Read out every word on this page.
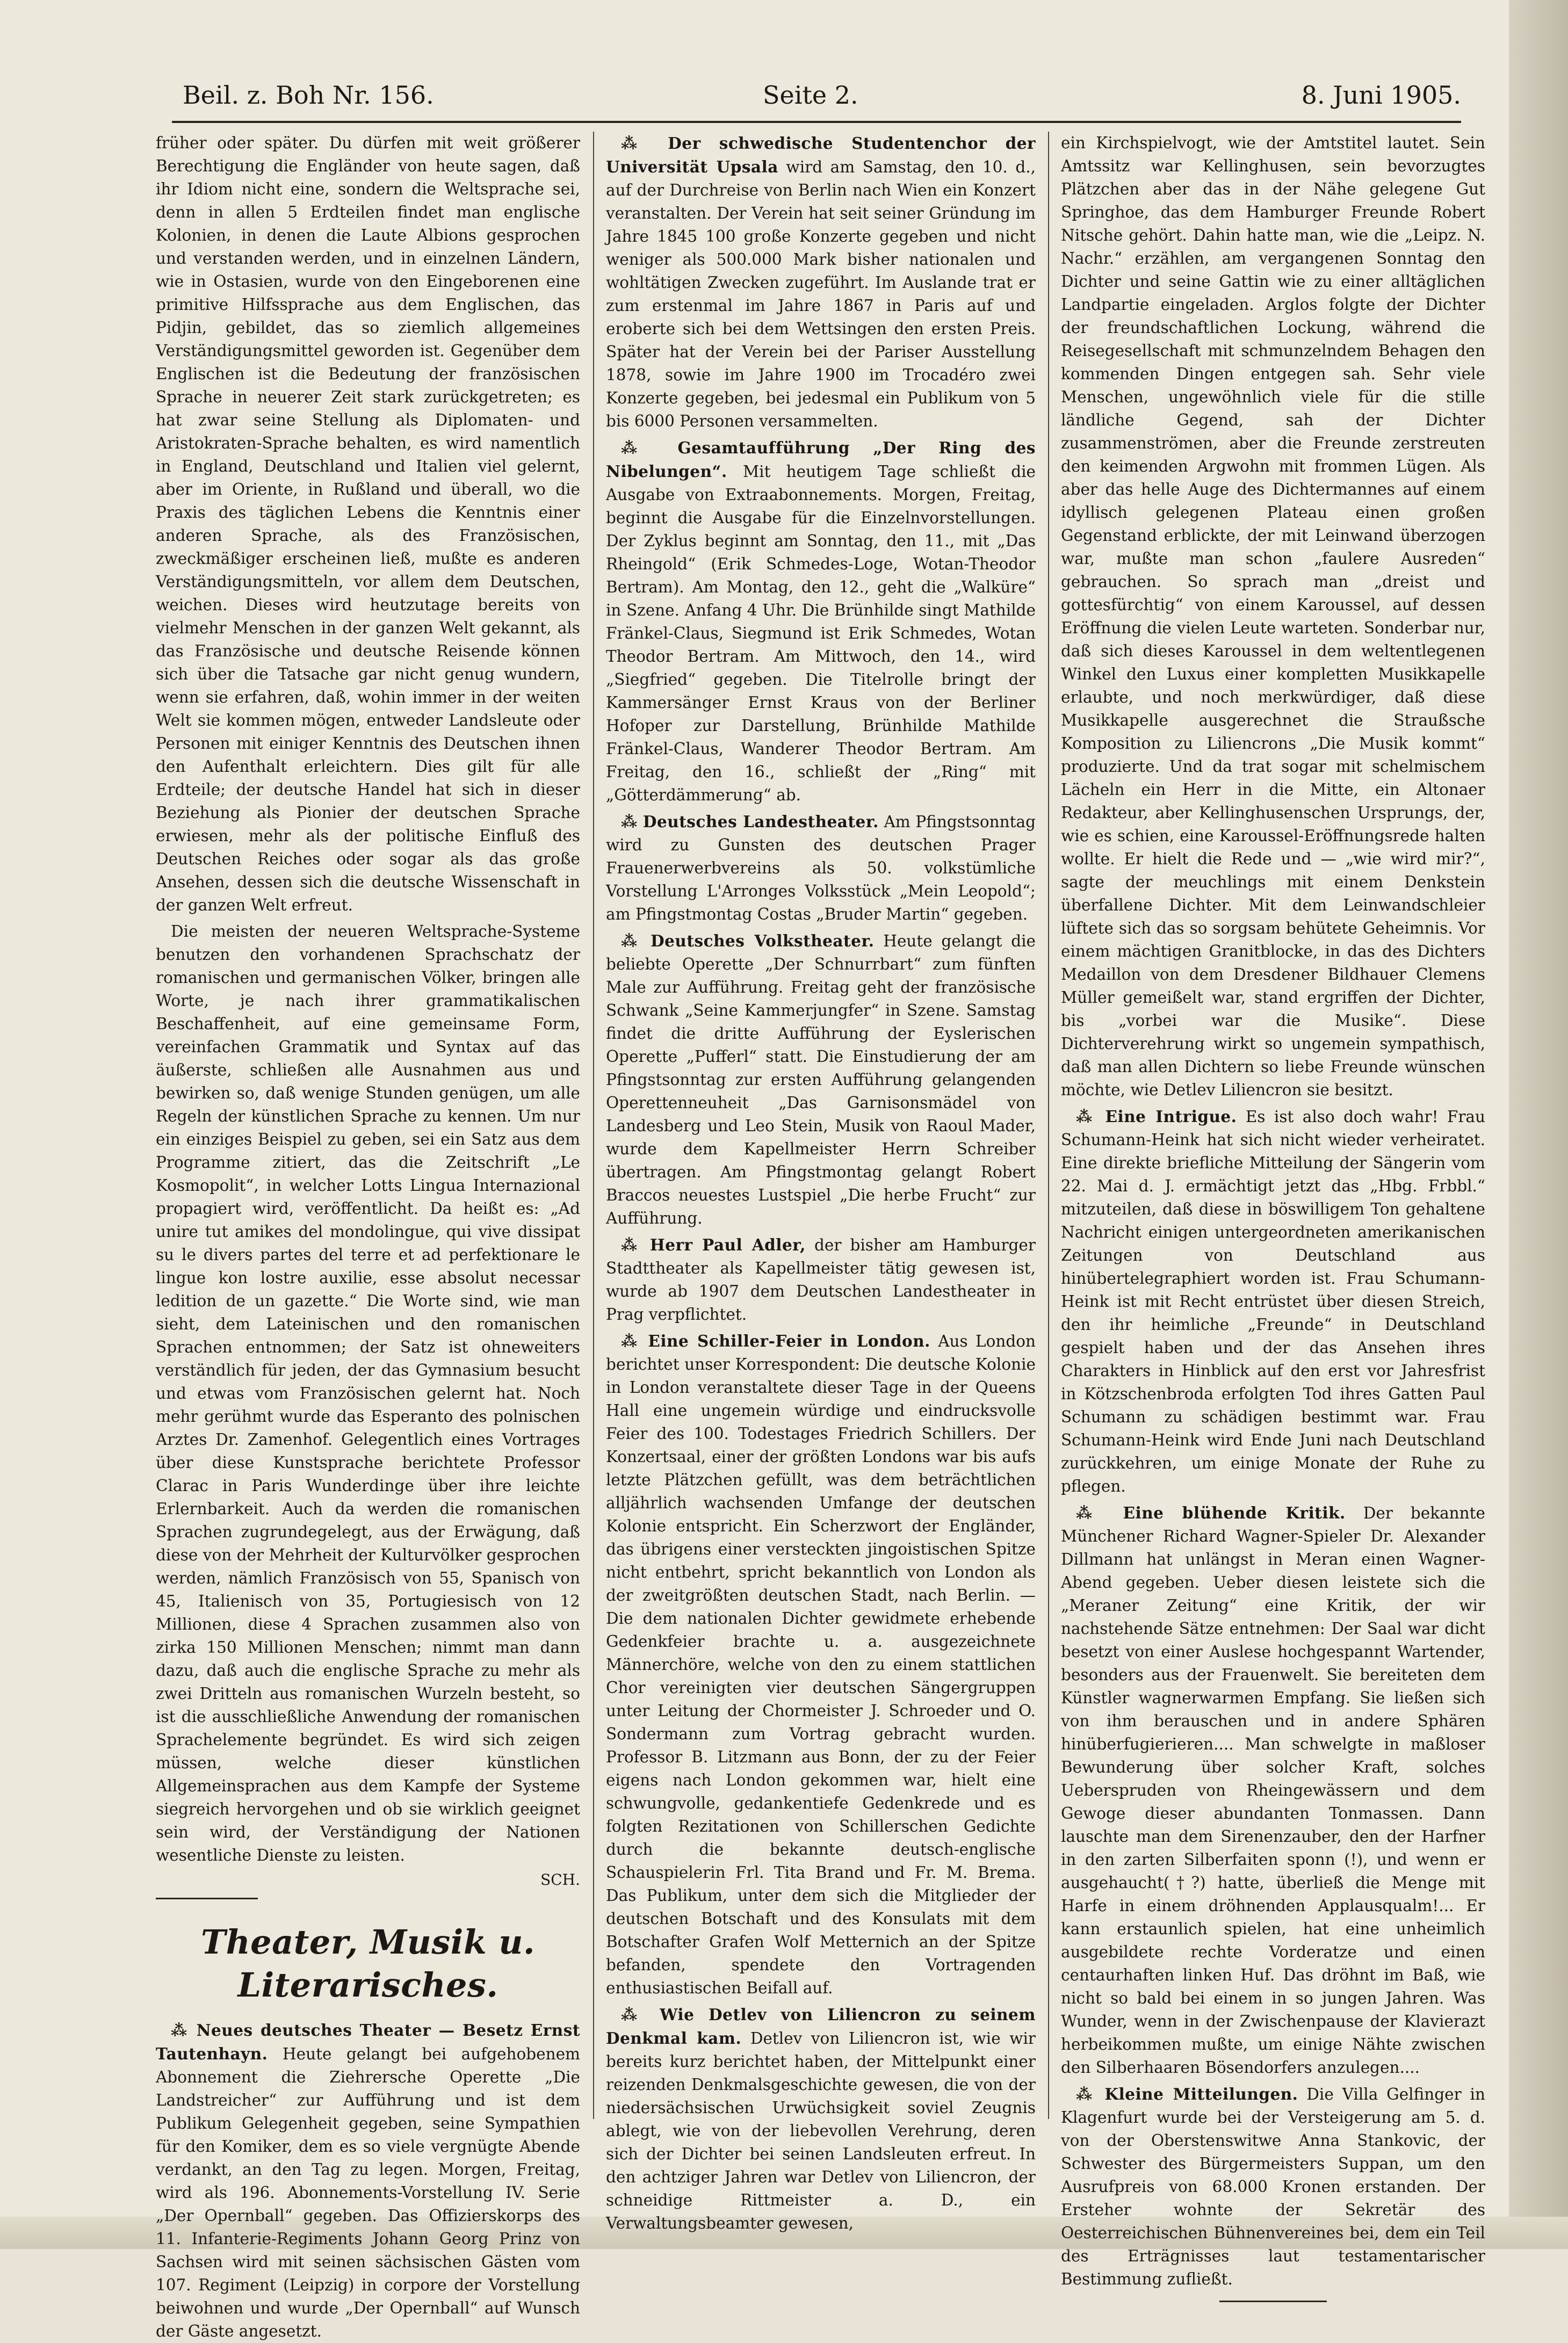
Beil. z. Boh Nr. 156.	Seite 2.	8. Juni 1905.

früher oder später. Du dürfen mit weit größerer Berechtigung die Engländer von heute sagen, daß ihr Idiom nicht eine, sondern die Weltsprache sei, denn in allen 5 Erdteilen findet man englische Kolonien, in denen die Laute Albions gesprochen und verstanden werden, und in einzelnen Ländern, wie in Ostasien, wurde von den Eingeborenen eine primitive Hilfssprache aus dem Englischen, das Pidjin, gebildet, das so ziemlich allgemeines Verständigungsmittel geworden ist. Gegenüber dem Englischen ist die Bedeutung der französischen Sprache in neuerer Zeit stark zurückgetreten; es hat zwar seine Stellung als Diplomaten- und Aristokraten-Sprache behalten, es wird namentlich in England, Deutschland und Italien viel gelernt, aber im Oriente, in Rußland und überall, wo die Praxis des täglichen Lebens die Kenntnis einer anderen Sprache, als des Französischen, zweckmäßiger erscheinen ließ, mußte es anderen Verständigungsmitteln, vor allem dem Deutschen, weichen. Dieses wird heutzutage bereits von vielmehr Menschen in der ganzen Welt gekannt, als das Französische und deutsche Reisende können sich über die Tatsache gar nicht genug wundern, wenn sie erfahren, daß, wohin immer in der weiten Welt sie kommen mögen, entweder Landsleute oder Personen mit einiger Kenntnis des Deutschen ihnen den Aufenthalt erleichtern. Dies gilt für alle Erdteile; der deutsche Handel hat sich in dieser Beziehung als Pionier der deutschen Sprache erwiesen, mehr als der politische Einfluß des Deutschen Reiches oder sogar als das große Ansehen, dessen sich die deutsche Wissenschaft in der ganzen Welt erfreut.

Die meisten der neueren Weltsprache-Systeme benutzen den vorhandenen Sprachschatz der romanischen und germanischen Völker, bringen alle Worte, je nach ihrer grammatikalischen Beschaffenheit, auf eine gemeinsame Form, vereinfachen Grammatik und Syntax auf das äußerste, schließen alle Ausnahmen aus und bewirken so, daß wenige Stunden genügen, um alle Regeln der künstlichen Sprache zu kennen. Um nur ein einziges Beispiel zu geben, sei ein Satz aus dem Programme zitiert, das die Zeitschrift „Le Kosmopolit“, in welcher Lotts Lingua Internazional propagiert wird, veröffentlicht. Da heißt es: „Ad unire tut amikes del mondolingue, qui vive dissipat su le divers partes del terre et ad perfektionare le lingue kon lostre auxilie, esse absolut necessar ledition de un gazette.“ Die Worte sind, wie man sieht, dem Lateinischen und den romanischen Sprachen entnommen; der Satz ist ohneweiters verständlich für jeden, der das Gymnasium besucht und etwas vom Französischen gelernt hat. Noch mehr gerühmt wurde das Esperanto des polnischen Arztes Dr. Zamenhof. Gelegentlich eines Vortrages über diese Kunstsprache berichtete Professor Clarac in Paris Wunderdinge über ihre leichte Erlernbarkeit. Auch da werden die romanischen Sprachen zugrundegelegt, aus der Erwägung, daß diese von der Mehrheit der Kulturvölker gesprochen werden, nämlich Französisch von 55, Spanisch von 45, Italienisch von 35, Portugiesisch von 12 Millionen, diese 4 Sprachen zusammen also von zirka 150 Millionen Menschen; nimmt man dann dazu, daß auch die englische Sprache zu mehr als zwei Dritteln aus romanischen Wurzeln besteht, so ist die ausschließliche Anwendung der romanischen Sprachelemente begründet. Es wird sich zeigen müssen, welche dieser künstlichen Allgemeinsprachen aus dem Kampfe der Systeme siegreich hervorgehen und ob sie wirklich geeignet sein wird, der Verständigung der Nationen wesentliche Dienste zu leisten.

SCH.
Theater, Musik u. Literarisches.

⁂ Neues deutsches Theater — Besetz Ernst Tautenhayn. Heute gelangt bei aufgehobenem Abonnement die Ziehrersche Operette „Die Landstreicher“ zur Aufführung und ist dem Publikum Gelegenheit gegeben, seine Sympathien für den Komiker, dem es so viele vergnügte Abende verdankt, an den Tag zu legen. Morgen, Freitag, wird als 196. Abonnements-Vorstellung IV. Serie „Der Opernball“ gegeben. Das Offizierskorps des 11. Infanterie-Regiments Johann Georg Prinz von Sachsen wird mit seinen sächsischen Gästen vom 107. Regiment (Leipzig) in corpore der Vorstellung beiwohnen und wurde „Der Opernball“ auf Wunsch der Gäste angesetzt.

⁂ Der schwedische Studentenchor der Universität Upsala wird am Samstag, den 10. d., auf der Durchreise von Berlin nach Wien ein Konzert veranstalten. Der Verein hat seit seiner Gründung im Jahre 1845 100 große Konzerte gegeben und nicht weniger als 500.000 Mark bisher nationalen und wohltätigen Zwecken zugeführt. Im Auslande trat er zum erstenmal im Jahre 1867 in Paris auf und eroberte sich bei dem Wettsingen den ersten Preis. Später hat der Verein bei der Pariser Ausstellung 1878, sowie im Jahre 1900 im Trocadéro zwei Konzerte gegeben, bei jedesmal ein Publikum von 5 bis 6000 Personen versammelten.

⁂ Gesamtaufführung „Der Ring des Nibelungen“. Mit heutigem Tage schließt die Ausgabe von Extraabonnements. Morgen, Freitag, beginnt die Ausgabe für die Einzelnvorstellungen. Der Zyklus beginnt am Sonntag, den 11., mit „Das Rheingold“ (Erik Schmedes-Loge, Wotan-Theodor Bertram). Am Montag, den 12., geht die „Walküre“ in Szene. Anfang 4 Uhr. Die Brünhilde singt Mathilde Fränkel-Claus, Siegmund ist Erik Schmedes, Wotan Theodor Bertram. Am Mittwoch, den 14., wird „Siegfried“ gegeben. Die Titelrolle bringt der Kammersänger Ernst Kraus von der Berliner Hofoper zur Darstellung, Brünhilde Mathilde Fränkel-Claus, Wanderer Theodor Bertram. Am Freitag, den 16., schließt der „Ring“ mit „Götterdämmerung“ ab.

⁂ Deutsches Landestheater. Am Pfingstsonntag wird zu Gunsten des deutschen Prager Frauenerwerbvereins als 50. volkstümliche Vorstellung L'Arronges Volksstück „Mein Leopold“; am Pfingstmontag Costas „Bruder Martin“ gegeben.

⁂ Deutsches Volkstheater. Heute gelangt die beliebte Operette „Der Schnurrbart“ zum fünften Male zur Aufführung. Freitag geht der französische Schwank „Seine Kammerjungfer“ in Szene. Samstag findet die dritte Aufführung der Eyslerischen Operette „Pufferl“ statt. Die Einstudierung der am Pfingstsonntag zur ersten Aufführung gelangenden Operettenneuheit „Das Garnisonsmädel von Landesberg und Leo Stein, Musik von Raoul Mader, wurde dem Kapellmeister Herrn Schreiber übertragen. Am Pfingstmontag gelangt Robert Braccos neuestes Lustspiel „Die herbe Frucht“ zur Aufführung.

⁂ Herr Paul Adler, der bisher am Hamburger Stadttheater als Kapellmeister tätig gewesen ist, wurde ab 1907 dem Deutschen Landestheater in Prag verpflichtet.

⁂ Eine Schiller-Feier in London. Aus London berichtet unser Korrespondent: Die deutsche Kolonie in London veranstaltete dieser Tage in der Queens Hall eine ungemein würdige und eindrucksvolle Feier des 100. Todestages Friedrich Schillers. Der Konzertsaal, einer der größten Londons war bis aufs letzte Plätzchen gefüllt, was dem beträchtlichen alljährlich wachsenden Umfange der deutschen Kolonie entspricht. Ein Scherzwort der Engländer, das übrigens einer versteckten jingoistischen Spitze nicht entbehrt, spricht bekanntlich von London als der zweitgrößten deutschen Stadt, nach Berlin. — Die dem nationalen Dichter gewidmete erhebende Gedenkfeier brachte u. a. ausgezeichnete Männerchöre, welche von den zu einem stattlichen Chor vereinigten vier deutschen Sängergruppen unter Leitung der Chormeister J. Schroeder und O. Sondermann zum Vortrag gebracht wurden. Professor B. Litzmann aus Bonn, der zu der Feier eigens nach London gekommen war, hielt eine schwungvolle, gedankentiefe Gedenkrede und es folgten Rezitationen von Schillerschen Gedichte durch die bekannte deutsch-englische Schauspielerin Frl. Tita Brand und Fr. M. Brema. Das Publikum, unter dem sich die Mitglieder der deutschen Botschaft und des Konsulats mit dem Botschafter Grafen Wolf Metternich an der Spitze befanden, spendete den Vortragenden enthusiastischen Beifall auf.

⁂ Wie Detlev von Liliencron zu seinem Denkmal kam. Detlev von Liliencron ist, wie wir bereits kurz berichtet haben, der Mittelpunkt einer reizenden Denkmalsgeschichte gewesen, die von der niedersächsischen Urwüchsigkeit soviel Zeugnis ablegt, wie von der liebevollen Verehrung, deren sich der Dichter bei seinen Landsleuten erfreut. In den achtziger Jahren war Detlev von Liliencron, der schneidige Rittmeister a. D., ein Verwaltungsbeamter gewesen,

ein Kirchspielvogt, wie der Amtstitel lautet. Sein Amtssitz war Kellinghusen, sein bevorzugtes Plätzchen aber das in der Nähe gelegene Gut Springhoe, das dem Hamburger Freunde Robert Nitsche gehört. Dahin hatte man, wie die „Leipz. N. Nachr.“ erzählen, am vergangenen Sonntag den Dichter und seine Gattin wie zu einer alltäglichen Landpartie eingeladen. Arglos folgte der Dichter der freundschaftlichen Lockung, während die Reisegesellschaft mit schmunzelndem Behagen den kommenden Dingen entgegen sah. Sehr viele Menschen, ungewöhnlich viele für die stille ländliche Gegend, sah der Dichter zusammenströmen, aber die Freunde zerstreuten den keimenden Argwohn mit frommen Lügen. Als aber das helle Auge des Dichtermannes auf einem idyllisch gelegenen Plateau einen großen Gegenstand erblickte, der mit Leinwand überzogen war, mußte man schon „faulere Ausreden“ gebrauchen. So sprach man „dreist und gottesfürchtig“ von einem Karoussel, auf dessen Eröffnung die vielen Leute warteten. Sonderbar nur, daß sich dieses Karoussel in dem weltentlegenen Winkel den Luxus einer kompletten Musikkapelle erlaubte, und noch merkwürdiger, daß diese Musikkapelle ausgerechnet die Straußsche Komposition zu Liliencrons „Die Musik kommt“ produzierte. Und da trat sogar mit schelmischem Lächeln ein Herr in die Mitte, ein Altonaer Redakteur, aber Kellinghusenschen Ursprungs, der, wie es schien, eine Karoussel-Eröffnungsrede halten wollte. Er hielt die Rede und — „wie wird mir?“, sagte der meuchlings mit einem Denkstein überfallene Dichter. Mit dem Leinwandschleier lüftete sich das so sorgsam behütete Geheimnis. Vor einem mächtigen Granitblocke, in das des Dichters Medaillon von dem Dresdener Bildhauer Clemens Müller gemeißelt war, stand ergriffen der Dichter, bis „vorbei war die Musike“. Diese Dichterverehrung wirkt so ungemein sympathisch, daß man allen Dichtern so liebe Freunde wünschen möchte, wie Detlev Liliencron sie besitzt.

⁂ Eine Intrigue. Es ist also doch wahr! Frau Schumann-Heink hat sich nicht wieder verheiratet. Eine direkte briefliche Mitteilung der Sängerin vom 22. Mai d. J. ermächtigt jetzt das „Hbg. Frbbl.“ mitzuteilen, daß diese in böswilligem Ton gehaltene Nachricht einigen untergeordneten amerikanischen Zeitungen von Deutschland aus hinübertelegraphiert worden ist. Frau Schumann-Heink ist mit Recht entrüstet über diesen Streich, den ihr heimliche „Freunde“ in Deutschland gespielt haben und der das Ansehen ihres Charakters in Hinblick auf den erst vor Jahresfrist in Kötzschenbroda erfolgten Tod ihres Gatten Paul Schumann zu schädigen bestimmt war. Frau Schumann-Heink wird Ende Juni nach Deutschland zurückkehren, um einige Monate der Ruhe zu pflegen.

⁂ Eine blühende Kritik. Der bekannte Münchener Richard Wagner-Spieler Dr. Alexander Dillmann hat unlängst in Meran einen Wagner-Abend gegeben. Ueber diesen leistete sich die „Meraner Zeitung“ eine Kritik, der wir nachstehende Sätze entnehmen: Der Saal war dicht besetzt von einer Auslese hochgespannt Wartender, besonders aus der Frauenwelt. Sie bereiteten dem Künstler wagnerwarmen Empfang. Sie ließen sich von ihm berauschen und in andere Sphären hinüberfugierieren.... Man schwelgte in maßloser Bewunderung über solcher Kraft, solches Ueberspruden von Rheingewässern und dem Gewoge dieser abundanten Tonmassen. Dann lauschte man dem Sirenenzauber, den der Harfner in den zarten Silberfaiten sponn (!), und wenn er ausgehaucht(†?) hatte, überließ die Menge mit Harfe in einem dröhnenden Applausqualm!... Er kann erstaunlich spielen, hat eine unheimlich ausgebildete rechte Vorderatze und einen centaurhaften linken Huf. Das dröhnt im Baß, wie nicht so bald bei einem in so jungen Jahren. Was Wunder, wenn in der Zwischenpause der Klavierazt herbeikommen mußte, um einige Nähte zwischen den Silberhaaren Bösendorfers anzulegen....

⁂ Kleine Mitteilungen. Die Villa Gelfinger in Klagenfurt wurde bei der Versteigerung am 5. d. von der Oberstenswitwe Anna Stankovic, der Schwester des Bürgermeisters Suppan, um den Ausrufpreis von 68.000 Kronen erstanden. Der Ersteher wohnte der Sekretär des Oesterreichischen Bühnenvereines bei, dem ein Teil des Erträgnisses laut testamentarischer Bestimmung zufließt.
